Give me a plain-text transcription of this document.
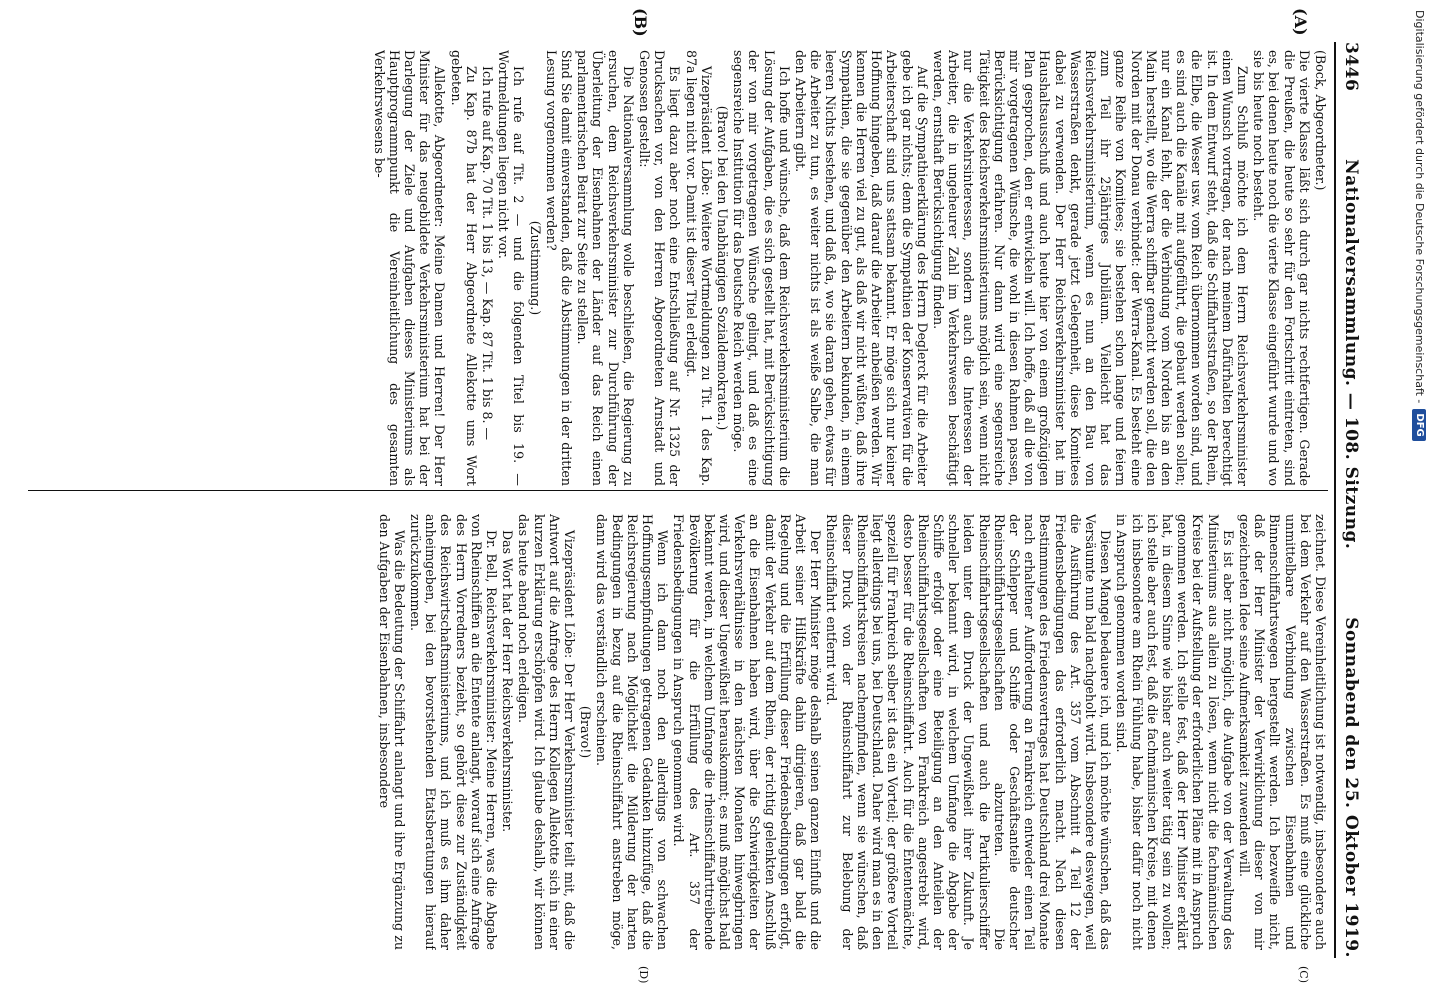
3446
Nationalversammlung. — 108. Sitzung.
Sonnabend den 25. Oktober 1919.

(Bock, Abgeordneter.)

Die vierte Klasse läßt sich durch gar nichts rechtfertigen. Gerade die Preußen, die heute so sehr für den Fortschritt eintreten, sind es, bei denen heute noch die vierte Klasse eingeführt wurde und wo sie bis heute noch besteht.

Zum Schluß möchte ich dem Herrn Reichsverkehrsminister einen Wunsch vortragen, der nach meinem Dafürhalten berechtigt ist. In dem Entwurf steht, daß die Schiffahrtsstraßen, so der Rhein, die Elbe, die Weser usw. vom Reich übernommen worden sind, und es sind auch die Kanäle mit aufgeführt, die gebaut werden sollen; nur ein Kanal fehlt, der die Verbindung vom Norden bis an den Main herstellt, wo die Werra schiffbar gemacht werden soll, die den Norden mit der Donau verbindet: der Werra-Kanal. Es besteht eine ganze Reihe von Komitees; sie bestehen schon lange und feiern zum Teil ihr 25jähriges Jubiläum. Vielleicht hat das Reichsverkehrsministerium, wenn es nun an den Bau von Wasserstraßen denkt, gerade jetzt Gelegenheit, diese Komitees dabei zu verwenden. Der Herr Reichsverkehrsminister hat im Haushaltsausschuß und auch heute hier von einem großzügigen Plan gesprochen, den er entwickeln will. Ich hoffe, daß all die von mir vorgetragenen Wünsche, die wohl in diesen Rahmen passen, Berücksichtigung erfahren. Nur dann wird eine segensreiche Tätigkeit des Reichsverkehrsministeriums möglich sein, wenn nicht nur die Verkehrsinteressen, sondern auch die Interessen der Arbeiter, die in ungeheurer Zahl im Verkehrswesen beschäftigt werden, ernsthaft Berücksichtigung finden.

Auf die Sympathieerklärung des Herrn Deglerck für die Arbeiter gebe ich gar nichts; denn die Sympathien der Konservativen für die Arbeiterschaft sind uns sattsam bekannt. Er möge sich nur keiner Hoffnung hingeben, daß darauf die Arbeiter anbeißen werden. Wir kennen die Herren viel zu gut, als daß wir nicht wüßten, daß ihre Sympathien, die sie gegenüber den Arbeitern bekunden, in einem leeren Nichts bestehen, und daß da, wo sie daran gehen, etwas für die Arbeiter zu tun, es weiter nichts ist als weiße Salbe, die man den Arbeitern gibt.

Ich hoffe und wünsche, daß dem Reichsverkehrsministerium die Lösung der Aufgaben, die es sich gestellt hat, mit Berücksichtigung der von mir vorgetragenen Wünsche gelingt, und daß es eine segensreiche Institution für das Deutsche Reich werden möge.

(Bravo! bei den Unabhängigen Sozialdemokraten.)

Vizepräsident Löbe: Weitere Wortmeldungen zu Tit. 1 des Kap. 87a liegen nicht vor. Damit ist dieser Titel erledigt.

Es liegt dazu aber noch eine Entschließung auf Nr. 1325 der Drucksachen vor, von den Herren Abgeordneten Arnstadt und Genossen gestellt:

Die Nationalversammlung wolle beschließen, die Regierung zu ersuchen, dem Reichsverkehrsminister zur Durchführung der Überleitung der Eisenbahnen der Länder auf das Reich einen parlamentarischen Beirat zur Seite zu stellen.

Sind Sie damit einverstanden, daß die Abstimmungen in der dritten Lesung vorgenommen werden?

(Zustimmung.)

Ich rufe auf Tit. 2 — und die folgenden Titel bis 19. — Wortmeldungen liegen nicht vor.

Ich rufe auf Kap. 70 Tit. 1 bis 13, — Kap. 87 Tit. 1 bis 8. —

Zu Kap. 87b hat der Herr Abgeordnete Allekotte ums Wort gebeten.

Allekotte, Abgeordneter: Meine Damen und Herren! Der Herr Minister für das neugebildete Verkehrsministerium hat bei der Darlegung der Ziele und Aufgaben dieses Ministeriums als Hauptprogrammpunkt die Vereinheitlichung des gesamten Verkehrswesens be-

zeichnet. Diese Vereinheitlichung ist notwendig, insbesondere auch bei dem Verkehr auf den Wasserstraßen. Es muß eine glückliche unmittelbare Verbindung zwischen Eisenbahnen und Binnenschiffahrtswegen hergestellt werden. Ich bezweifle nicht, daß der Herr Minister der Verwirklichung dieser von mir gezeichneten Idee seine Aufmerksamkeit zuwenden will.

Es ist aber nicht möglich, die Aufgabe von der Verwaltung des Ministeriums aus allein zu lösen, wenn nicht die fachmännischen Kreise bei der Aufstellung der erforderlichen Pläne mit in Anspruch genommen werden. Ich stelle fest, daß der Herr Minister erklärt hat, in diesem Sinne wie bisher auch weiter tätig sein zu wollen; ich stelle aber auch fest, daß die fachmännischen Kreise, mit denen ich insbesondere am Rhein Fühlung habe, bisher dafür noch nicht in Anspruch genommen worden sind.

Diesen Mangel bedauere ich, und ich möchte wünschen, daß das Versäumte nun bald nachgeholt wird. Insbesondere deswegen, weil die Ausführung des Art. 357 vom Abschnitt 4 Teil 12 der Friedensbedingungen das erforderlich macht. Nach diesen Bestimmungen des Friedensvertrages hat Deutschland drei Monate nach erhaltener Aufforderung an Frankreich entweder einen Teil der Schlepper und Schiffe oder Geschäftsanteile deutscher Rheinschiffahrtsgesellschaften abzutreten. Die Rheinschiffahrtsgesellschaften und auch die Partikulierschiffer leiden unter dem Druck der Ungewißheit ihrer Zukunft. Je schneller bekannt wird, in welchem Umfange die Abgabe der Schiffe erfolgt oder eine Beteiligung an den Anteilen der Rheinschiffahrtsgesellschaften von Frankreich angestrebt wird, desto besser für die Rheinschiffahrt. Auch für die Ententemächte, speziell für Frankreich selber ist das ein Vorteil; der größere Vorteil liegt allerdings bei uns, bei Deutschland. Daher wird man es in den Rheinschiffahrtskreisen nachempfinden, wenn sie wünschen, daß dieser Druck von der Rheinschiffahrt zur Belebung der Rheinschiffahrt entfernt wird.

Der Herr Minister möge deshalb seinen ganzen Einfluß und die Arbeit seiner Hilfskräfte dahin dirigieren, daß gar bald die Regelung und die Erfüllung dieser Friedensbedingungen erfolgt, damit der Verkehr auf dem Rhein, der richtig gelenkten Anschluß an die Eisenbahnen haben wird, über die Schwierigkeiten der Verkehrsverhältnisse in den nächsten Monaten hinwegbringen wird, und dieser Ungewißheit herauskommt; es muß möglichst bald bekannt werden, in welchem Umfange die rheinschiffahrttreibende Bevölkerung für die Erfüllung des Art. 357 der Friedensbedingungen in Anspruch genommen wird.

Wenn ich dann noch den allerdings von schwachen Hoffnungsempfindungen getragenen Gedanken hinzufüge, daß die Reichsregierung nach Möglichkeit die Milderung der harten Bedingungen in bezug auf die Rheinschiffahrt anstreben möge, dann wird das verständlich erscheinen.

(Bravo!)

Vizepräsident Löbe: Der Herr Verkehrsminister teilt mit, daß die Antwort auf die Anfrage des Herrn Kollegen Allekotte sich in einer kurzen Erklärung erschöpfen wird. Ich glaube deshalb, wir können das heute abend noch erledigen.

Das Wort hat der Herr Reichsverkehrsminister.

Dr. Bell, Reichsverkehrsminister: Meine Herren, was die Abgabe von Rheinschiffen an die Entente anlangt, worauf sich eine Anfrage des Herrn Vorredners bezieht, so gehört diese zur Zuständigkeit des Reichswirtschaftsministeriums, und ich muß es ihm daher anheimgeben, bei den bevorstehenden Etatsberatungen hierauf zurückzukommen.

Was die Bedeutung der Schiffahrt anlangt und ihre Ergänzung zu den Aufgaben der Eisenbahnen, insbesondere

(A)
(B)
(C)
(D)
Digitalisierung gefördert durch die Deutsche Forschungsgemeinschaft -
DFG
